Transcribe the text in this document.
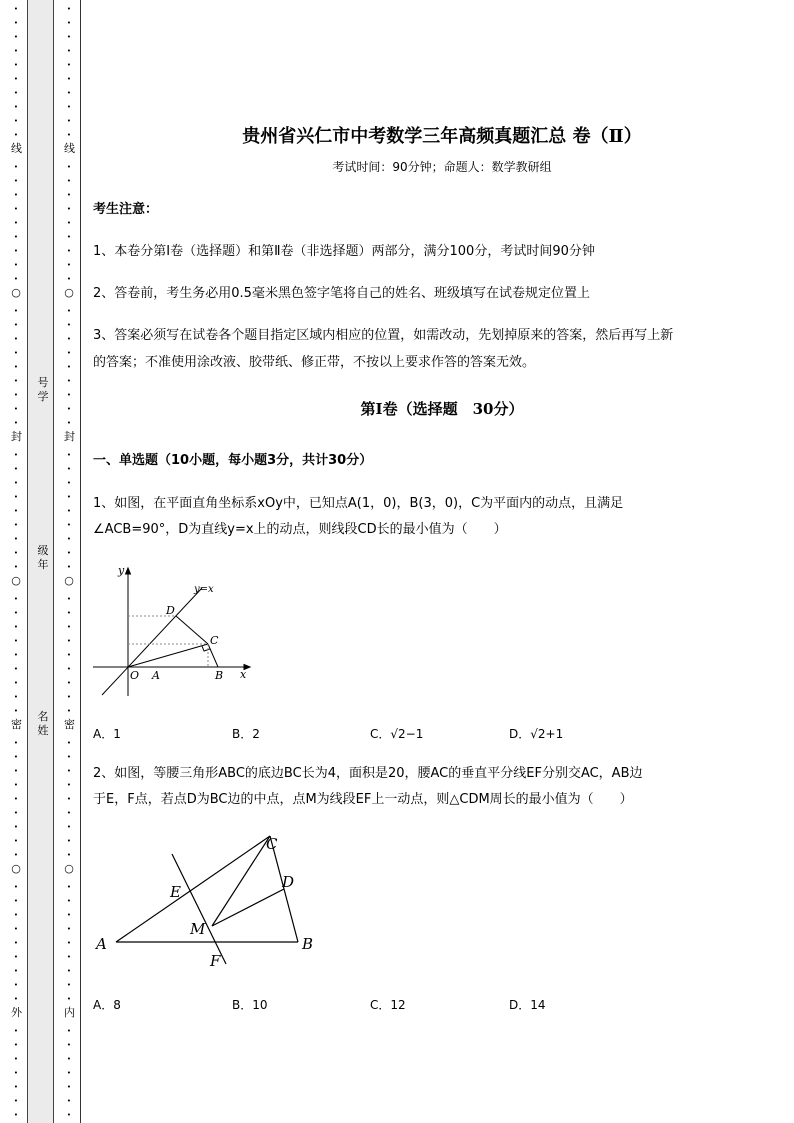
•
•
•
•
•
•
•
•
•
•
线
•
•
•
•
•
•
•
•
•
○
•
•
•
•
•
•
•
•
•
封
•
•
•
•
•
•
•
•
•
○
•
•
•
•
•
•
•
•
•
密
•
•
•
•
•
•
•
•
•
○
•
•
•
•
•
•
•
•
•
外
•
•
•
•
•
•
•
•
•
•
•
•
•
•
•
•
•
线
•
•
•
•
•
•
•
•
•
○
•
•
•
•
•
•
•
•
•
封
•
•
•
•
•
•
•
•
•
○
•
•
•
•
•
•
•
•
•
密
•
•
•
•
•
•
•
•
•
○
•
•
•
•
•
•
•
•
•
内
•
•
•
•
•
•
•
号学
级年
名姓
贵州省兴仁市中考数学三年高频真题汇总 卷（Ⅱ）
考试时间：90分钟；命题人：数学教研组
考生注意：
1、本卷分第Ⅰ卷（选择题）和第Ⅱ卷（非选择题）两部分，满分100分，考试时间90分钟
2、答卷前，考生务必用0.5毫米黑色签字笔将自己的姓名、班级填写在试卷规定位置上
3、答案必须写在试卷各个题目指定区域内相应的位置，如需改动，先划掉原来的答案，然后再写上新
的答案；不准使用涂改液、胶带纸、修正带，不按以上要求作答的答案无效。
第Ⅰ卷（选择题　30分）
一、单选题（10小题，每小题3分，共计30分）
1、如图，在平面直角坐标系xOy中，已知点A(1，0)，B(3，0)，C为平面内的动点，且满足
∠ACB=90°，D为直线y=x上的动点，则线段CD长的最小值为（　　）
y
x
y=x
D
C
O A	B
A．1	B．2	C．√2−1	D．√2+1
2、如图，等腰三角形ABC的底边BC长为4，面积是20，腰AC的垂直平分线EF分别交AC，AB边
于E，F点，若点D为BC边的中点，点M为线段EF上一动点，则△CDM周长的最小值为（　　）
C
D
E
M
A	B
F
A．8	B．10	C．12	D．14
